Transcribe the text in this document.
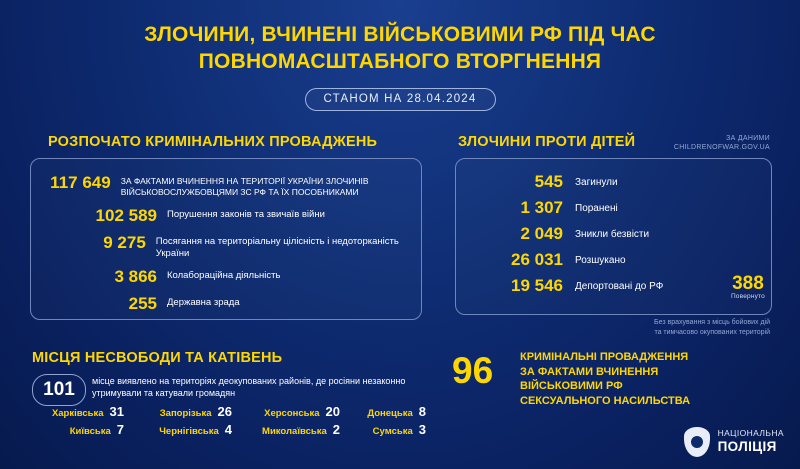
ЗЛОЧИНИ, ВЧИНЕНІ ВІЙСЬКОВИМИ РФ ПІД ЧАС
ПОВНОМАСШТАБНОГО ВТОРГНЕННЯ
СТАНОМ НА 28.04.2024
РОЗПОЧАТО КРИМІНАЛЬНИХ ПРОВАДЖЕНЬ
117 649	ЗА ФАКТАМИ ВЧИНЕННЯ НА ТЕРИТОРІЇ УКРАЇНИ ЗЛОЧИНІВ ВІЙСЬКОВОСЛУЖБОВЦЯМИ ЗС РФ ТА ЇХ ПОСОБНИКАМИ
102 589	Порушення законів та звичаїв війни
9 275	Посягання на територіальну цілісність і недоторканість України
3 866	Колабораційна діяльність
255	Державна зрада
ЗЛОЧИНИ ПРОТИ ДІТЕЙ	ЗА ДАНИМИ
CHILDRENOFWAR.GOV.UA
545	Загинули
1 307	Поранені
2 049	Зникли безвісти
26 031	Розшукано
19 546	Депортовані до РФ	388
Повернуто
Без врахування з місць бойових дій
та тимчасово окупованих територій
МІСЦЯ НЕСВОБОДИ ТА КАТІВЕНЬ
101	місце виявлено на територіях деокупованих районів, де росіяни незаконно утримували та катували громадян
Харківська 31	Запорізька 26	Херсонська 20	Донецька 8
Київська 7	Чернігівська 4	Миколаївська 2	Сумська 3
96 КРИМІНАЛЬНІ ПРОВАДЖЕННЯ
ЗА ФАКТАМИ ВЧИНЕННЯ
ВІЙСЬКОВИМИ РФ
СЕКСУАЛЬНОГО НАСИЛЬСТВА
НАЦІОНАЛЬНА
ПОЛІЦІЯ
